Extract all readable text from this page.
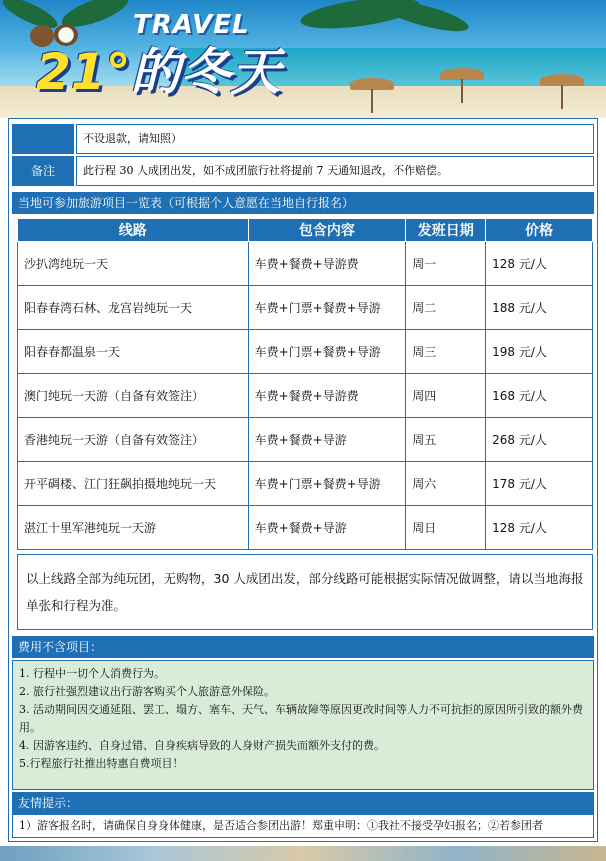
TRAVEL
21°的冬天
不设退款，请知照）
备注	此行程 30 人成团出发，如不成团旅行社将提前 7 天通知退改，不作赔偿。
当地可参加旅游项目一览表（可根据个人意愿在当地自行报名）
线路	包含内容	发班日期	价格
沙扒湾纯玩一天	车费+餐费+导游费	周一	128 元/人
阳春春湾石林、龙宫岩纯玩一天	车费+门票+餐费+导游	周二	188 元/人
阳春春都温泉一天	车费+门票+餐费+导游	周三	198 元/人
澳门纯玩一天游（自备有效签注）	车费+餐费+导游费	周四	168 元/人
香港纯玩一天游（自备有效签注）	车费+餐费+导游	周五	268 元/人
开平碉楼、江门狂飙拍摄地纯玩一天	车费+门票+餐费+导游	周六	178 元/人
湛江十里军港纯玩一天游	车费+餐费+导游	周日	128 元/人
以上线路全部为纯玩团，无购物，30 人成团出发，部分线路可能根据实际情况做调整，请以当地海报单张和行程为准。
费用不含项目：
1. 行程中一切个人消费行为。
2. 旅行社强烈建议出行游客购买个人旅游意外保险。
3. 活动期间因交通延阻、罢工、塌方、塞车、天气、车辆故障等原因更改时间等人力不可抗拒的原因所引致的额外费用。
4. 因游客违约、自身过错、自身疾病导致的人身财产损失而额外支付的费。
5.行程旅行社推出特惠自费项目！
友情提示：
1）游客报名时，请确保自身身体健康，是否适合参团出游！郑重申明：①我社不接受孕妇报名；②若参团者
